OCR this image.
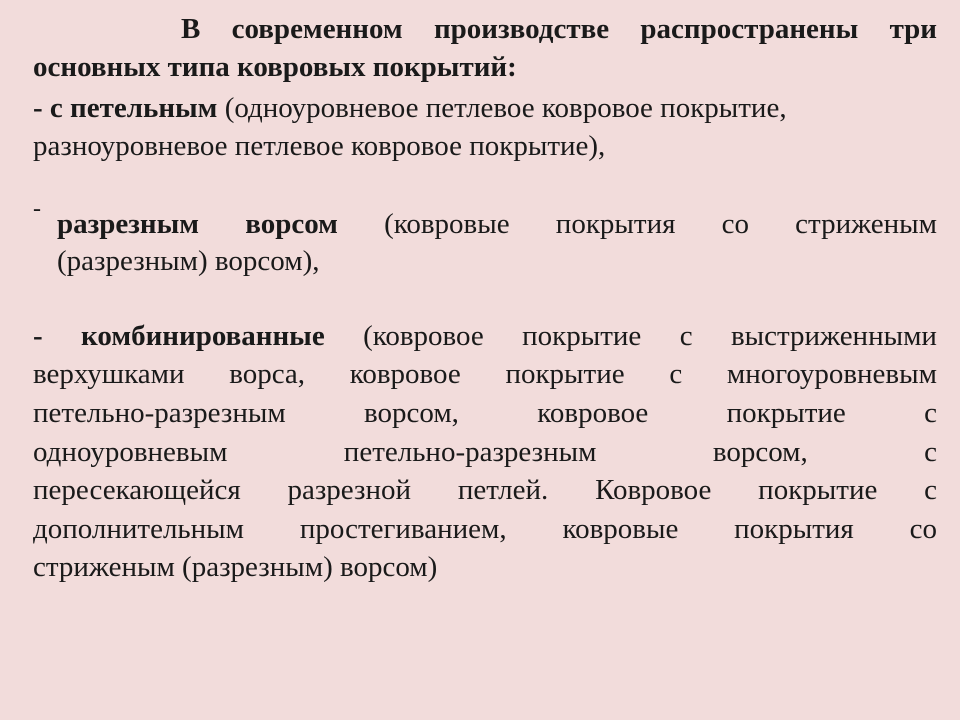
В современном производстве распространены три
основных типа ковровых покрытий:
- с петельным (одноуровневое петлевое ковровое покрытие,
разноуровневое петлевое ковровое покрытие),
- разрезным ворсом (ковровые покрытия со стриженым
(разрезным) ворсом),
- комбинированные (ковровое покрытие с выстриженными
верхушками ворса, ковровое покрытие с многоуровневым
петельно-разрезным	ворсом,	ковровое	покрытие	с
одноуровневым	петельно-разрезным	ворсом,	с
пересекающейся разрезной петлей. Ковровое покрытие с
дополнительным простегиванием, ковровые покрытия со
стриженым (разрезным) ворсом)
